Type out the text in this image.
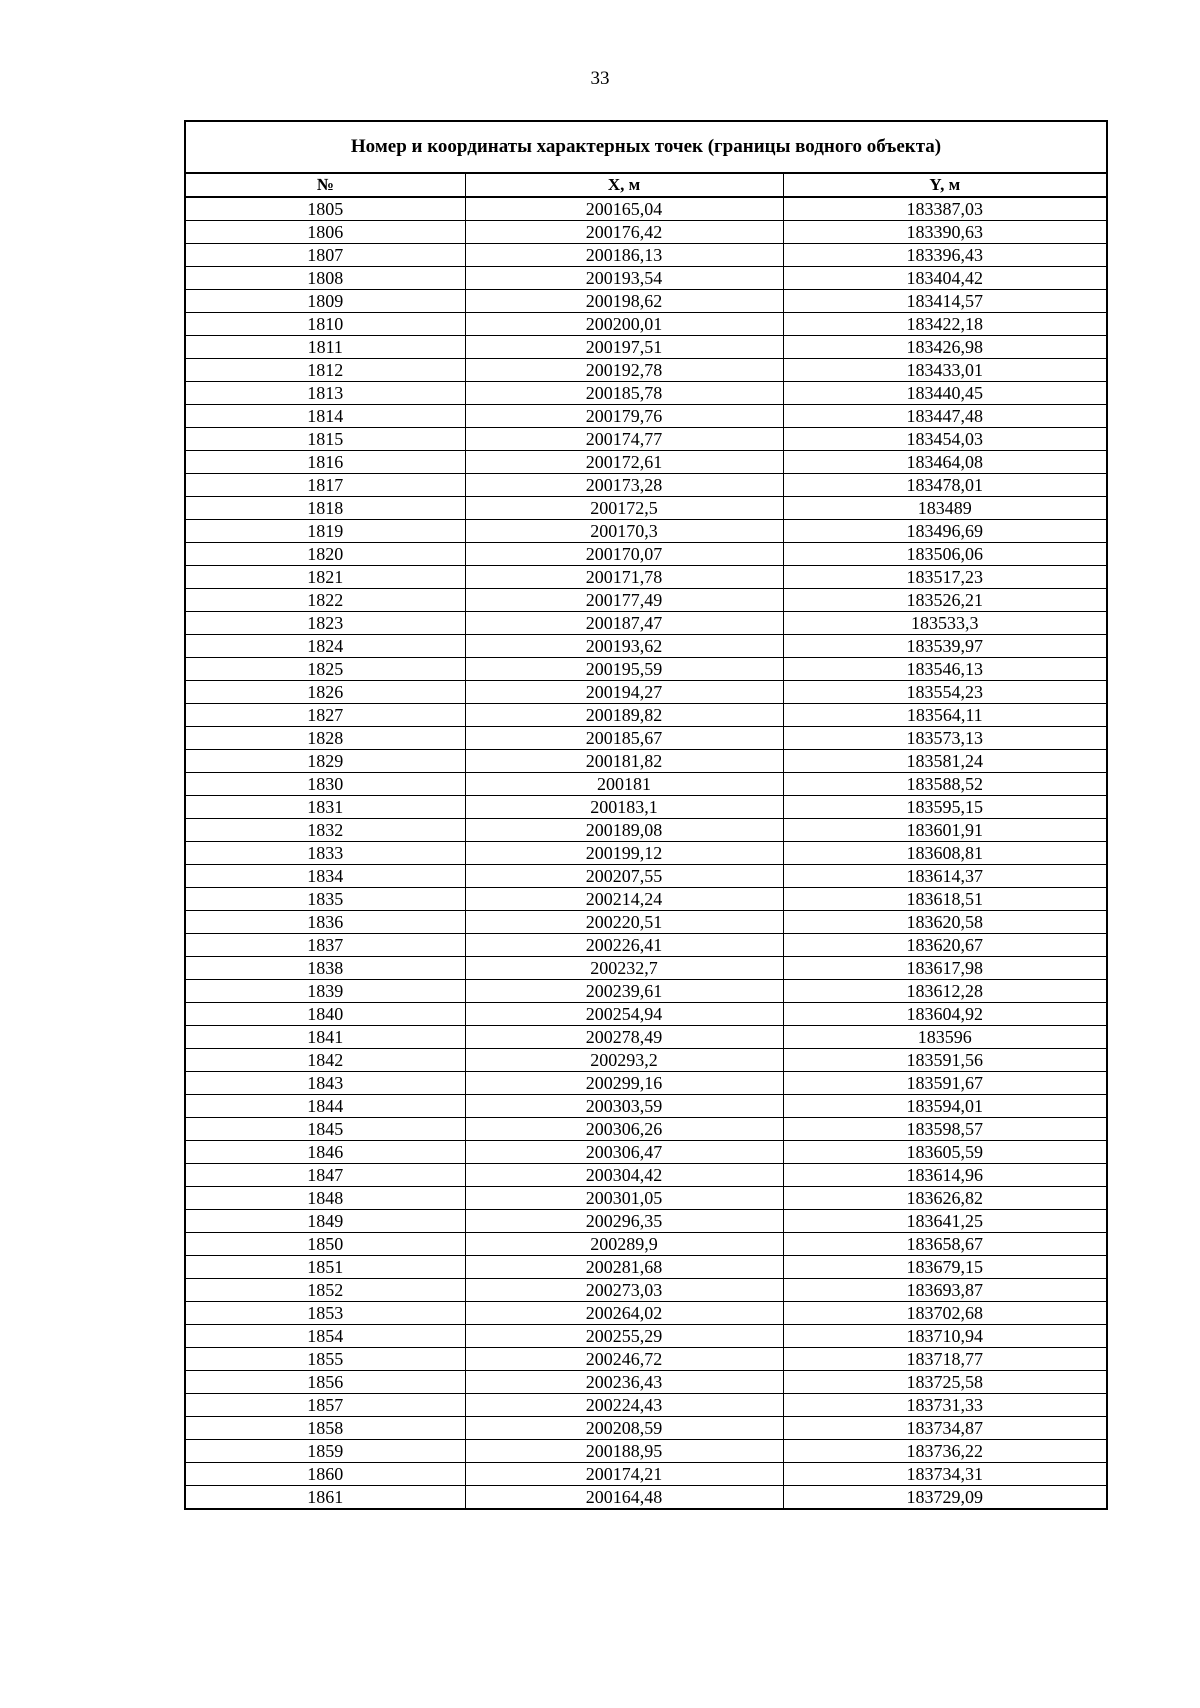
33
Номер и координаты характерных точек (границы водного объекта)		
№	X, м	Y, м
1805	200165,04	183387,03
1806	200176,42	183390,63
1807	200186,13	183396,43
1808	200193,54	183404,42
1809	200198,62	183414,57
1810	200200,01	183422,18
1811	200197,51	183426,98
1812	200192,78	183433,01
1813	200185,78	183440,45
1814	200179,76	183447,48
1815	200174,77	183454,03
1816	200172,61	183464,08
1817	200173,28	183478,01
1818	200172,5	183489
1819	200170,3	183496,69
1820	200170,07	183506,06
1821	200171,78	183517,23
1822	200177,49	183526,21
1823	200187,47	183533,3
1824	200193,62	183539,97
1825	200195,59	183546,13
1826	200194,27	183554,23
1827	200189,82	183564,11
1828	200185,67	183573,13
1829	200181,82	183581,24
1830	200181	183588,52
1831	200183,1	183595,15
1832	200189,08	183601,91
1833	200199,12	183608,81
1834	200207,55	183614,37
1835	200214,24	183618,51
1836	200220,51	183620,58
1837	200226,41	183620,67
1838	200232,7	183617,98
1839	200239,61	183612,28
1840	200254,94	183604,92
1841	200278,49	183596
1842	200293,2	183591,56
1843	200299,16	183591,67
1844	200303,59	183594,01
1845	200306,26	183598,57
1846	200306,47	183605,59
1847	200304,42	183614,96
1848	200301,05	183626,82
1849	200296,35	183641,25
1850	200289,9	183658,67
1851	200281,68	183679,15
1852	200273,03	183693,87
1853	200264,02	183702,68
1854	200255,29	183710,94
1855	200246,72	183718,77
1856	200236,43	183725,58
1857	200224,43	183731,33
1858	200208,59	183734,87
1859	200188,95	183736,22
1860	200174,21	183734,31
1861	200164,48	183729,09
